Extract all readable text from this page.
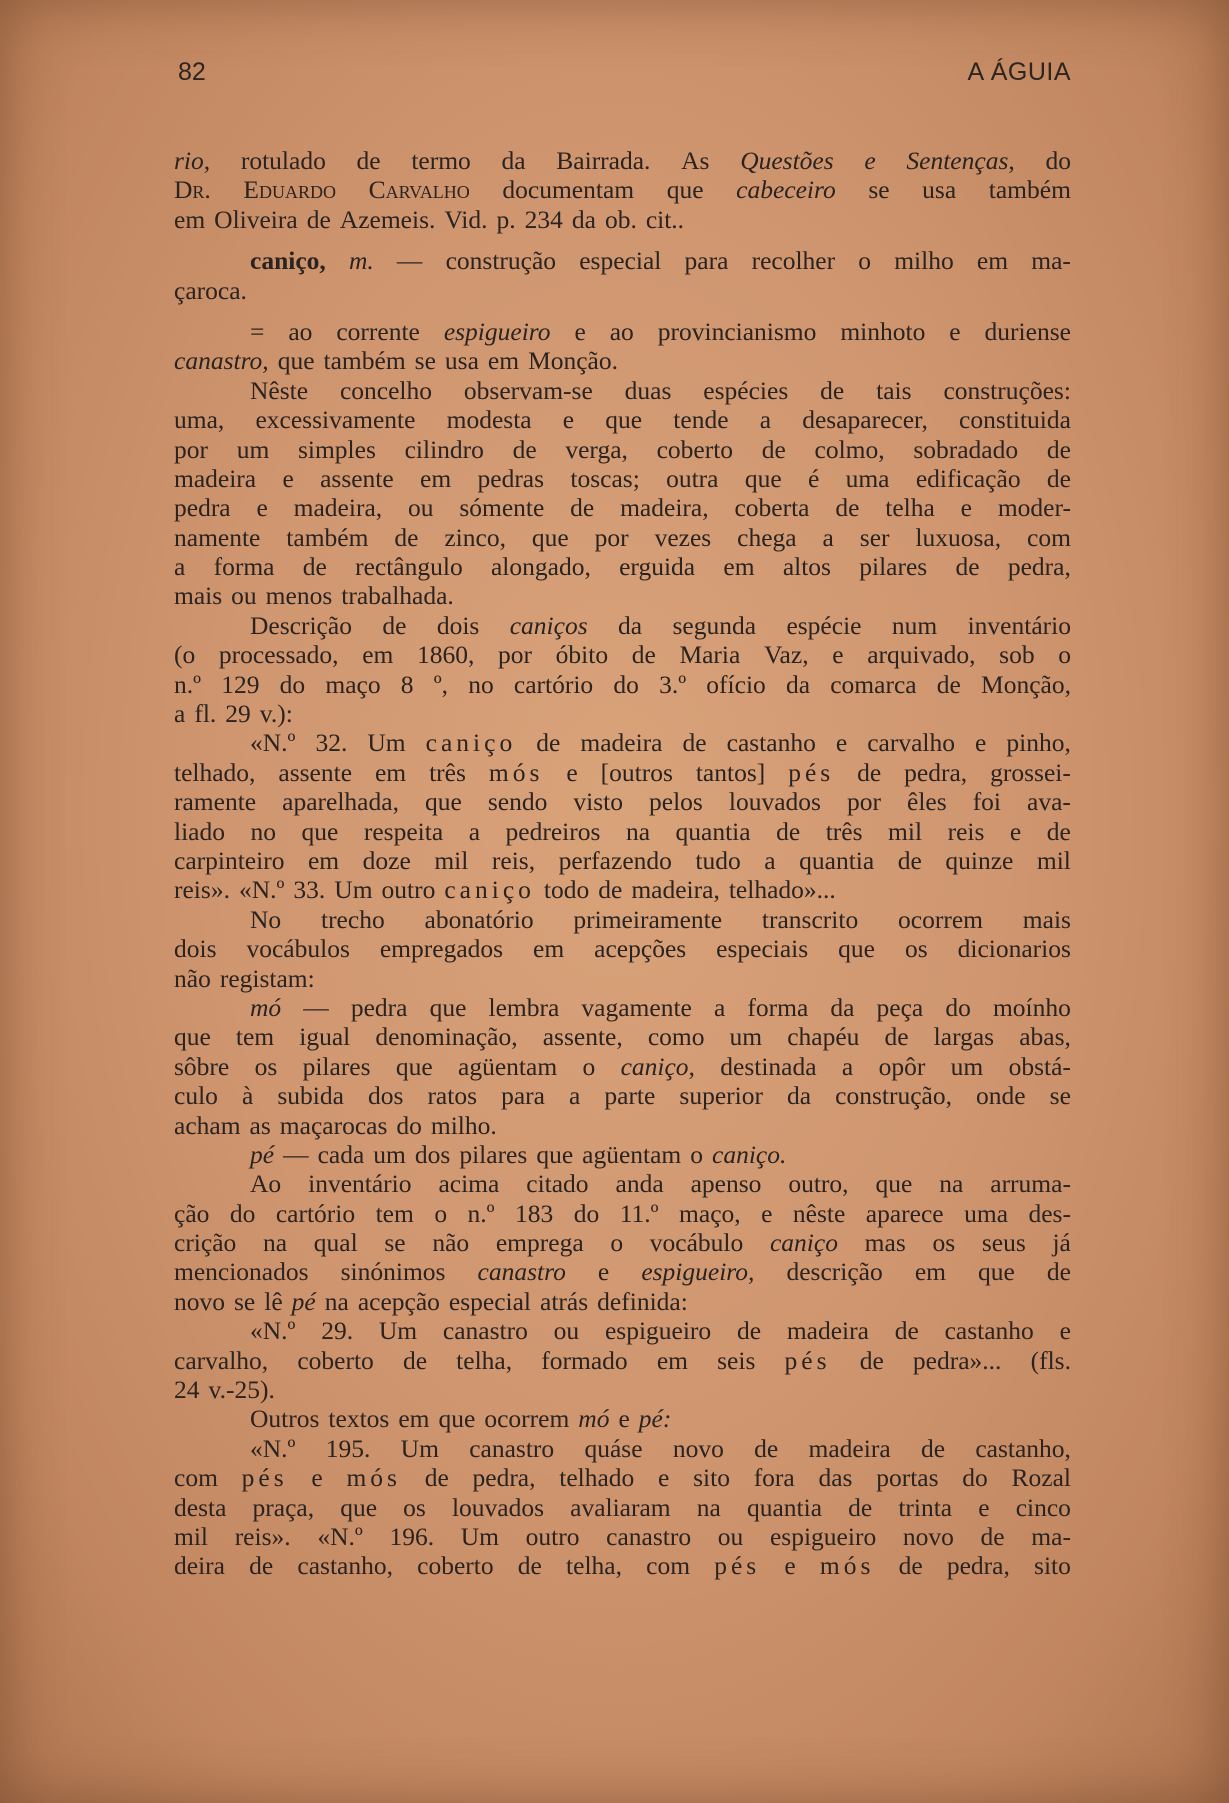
82	A ÁGUIA
rio, rotulado de termo da Bairrada. As Questões e Sentenças, do
Dr. Eduardo Carvalho documentam que cabeceiro se usa também
em Oliveira de Azemeis. Vid. p. 234 da ob. cit..
caniço, m. — construção especial para recolher o milho em ma-
çaroca.
= ao corrente espigueiro e ao provincianismo minhoto e duriense
canastro, que também se usa em Monção.
Nêste concelho observam-se duas espécies de tais construções:
uma, excessivamente modesta e que tende a desaparecer, constituida
por um simples cilindro de verga, coberto de colmo, sobradado de
madeira e assente em pedras toscas; outra que é uma edificação de
pedra e madeira, ou sómente de madeira, coberta de telha e moder-
namente também de zinco, que por vezes chega a ser luxuosa, com
a forma de rectângulo alongado, erguida em altos pilares de pedra,
mais ou menos trabalhada.
Descrição de dois caniços da segunda espécie num inventário
(o processado, em 1860, por óbito de Maria Vaz, e arquivado, sob o
n.º 129 do maço 8 º, no cartório do 3.º ofício da comarca de Monção,
a fl. 29 v.):
«N.º 32. Um caniço de madeira de castanho e carvalho e pinho,
telhado, assente em três mós e [outros tantos] pés de pedra, grossei-
ramente aparelhada, que sendo visto pelos louvados por êles foi ava-
liado no que respeita a pedreiros na quantia de três mil reis e de
carpinteiro em doze mil reis, perfazendo tudo a quantia de quinze mil
reis». «N.º 33. Um outro caniço todo de madeira, telhado»...
No trecho abonatório primeiramente transcrito ocorrem mais
dois vocábulos empregados em acepções especiais que os dicionarios
não registam:
mó — pedra que lembra vagamente a forma da peça do moínho
que tem igual denominação, assente, como um chapéu de largas abas,
sôbre os pilares que agüentam o caniço, destinada a opôr um obstá-
culo à subida dos ratos para a parte superior da construção, onde se
acham as maçarocas do milho.
pé — cada um dos pilares que agüentam o caniço.
Ao inventário acima citado anda apenso outro, que na arruma-
ção do cartório tem o n.º 183 do 11.º maço, e nêste aparece uma des-
crição na qual se não emprega o vocábulo caniço mas os seus já
mencionados sinónimos canastro e espigueiro, descrição em que de
novo se lê pé na acepção especial atrás definida:
«N.º 29. Um canastro ou espigueiro de madeira de castanho e
carvalho, coberto de telha, formado em seis pés de pedra»... (fls.
24 v.-25).
Outros textos em que ocorrem mó e pé:
«N.º 195. Um canastro quáse novo de madeira de castanho,
com pés e mós de pedra, telhado e sito fora das portas do Rozal
desta praça, que os louvados avaliaram na quantia de trinta e cinco
mil reis». «N.º 196. Um outro canastro ou espigueiro novo de ma-
deira de castanho, coberto de telha, com pés e mós de pedra, sito
